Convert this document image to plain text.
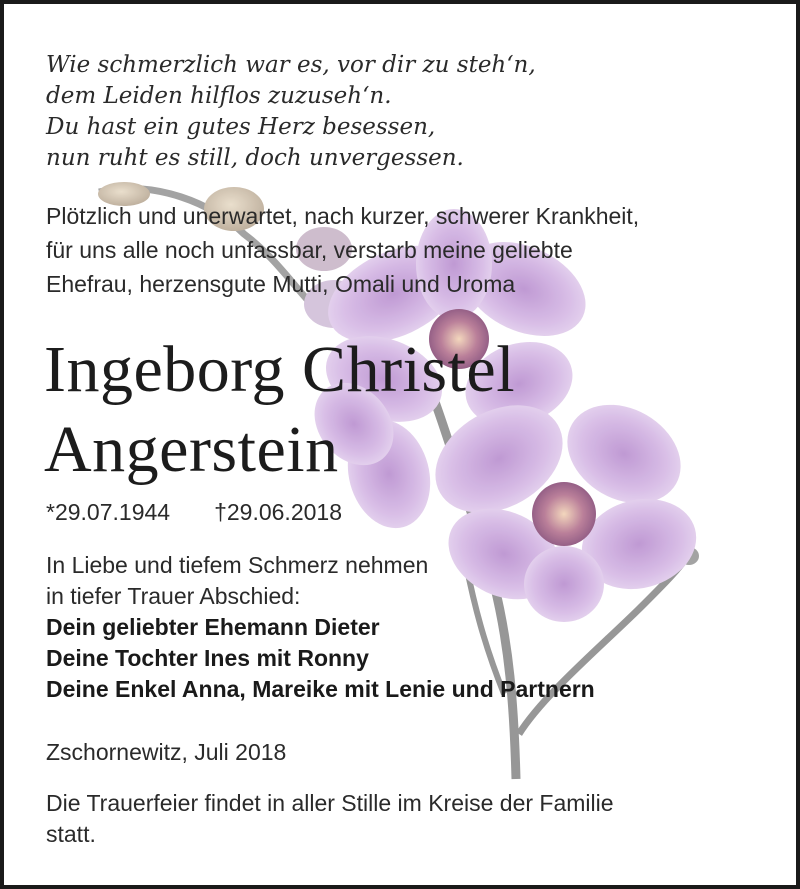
Wie schmerzlich war es, vor dir zu steh‘n,
dem Leiden hilflos zuzuseh‘n.
Du hast ein gutes Herz besessen,
nun ruht es still, doch unvergessen.
Plötzlich und unerwartet, nach kurzer, schwerer Krankheit,
für uns alle noch unfassbar, verstarb meine geliebte
Ehefrau, herzensgute Mutti, Omali und Uroma
Ingeborg Christel
Angerstein
*29.07.1944 †29.06.2018
In Liebe und tiefem Schmerz nehmen
in tiefer Trauer Abschied:
Dein geliebter Ehemann Dieter
Deine Tochter Ines mit Ronny
Deine Enkel Anna, Mareike mit Lenie und Partnern
Zschornewitz, Juli 2018
Die Trauerfeier findet in aller Stille im Kreise der Familie
statt.
